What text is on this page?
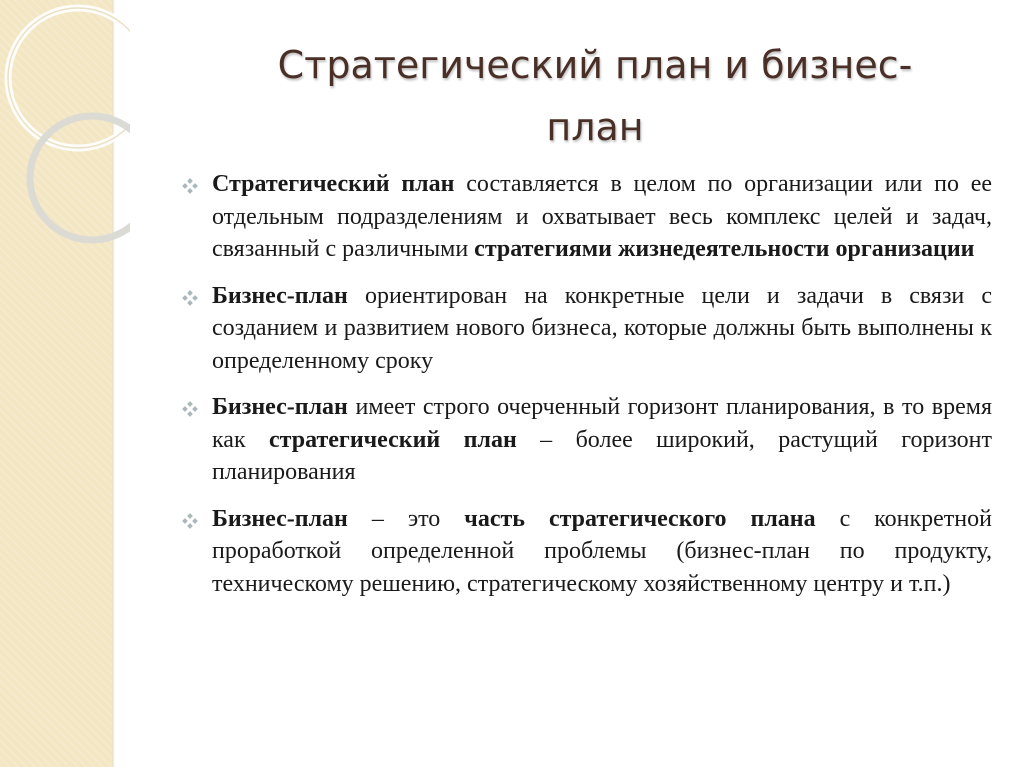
Стратегический план и бизнес-
план
Стратегический план составляется в целом по организации или по ее отдельным подразделениям и охватывает весь комплекс целей и задач, связанный с различными стратегиями жизнедеятельности организации
Бизнес-план ориентирован на конкретные цели и задачи в связи с созданием и развитием нового бизнеса, которые должны быть выполнены к определенному сроку
Бизнес-план имеет строго очерченный горизонт планирования, в то время как стратегический план – более широкий, растущий горизонт планирования
Бизнес-план – это часть стратегического плана с конкретной проработкой определенной проблемы (бизнес-план по продукту, техническому решению, стратегическому хозяйственному центру и т.п.)
